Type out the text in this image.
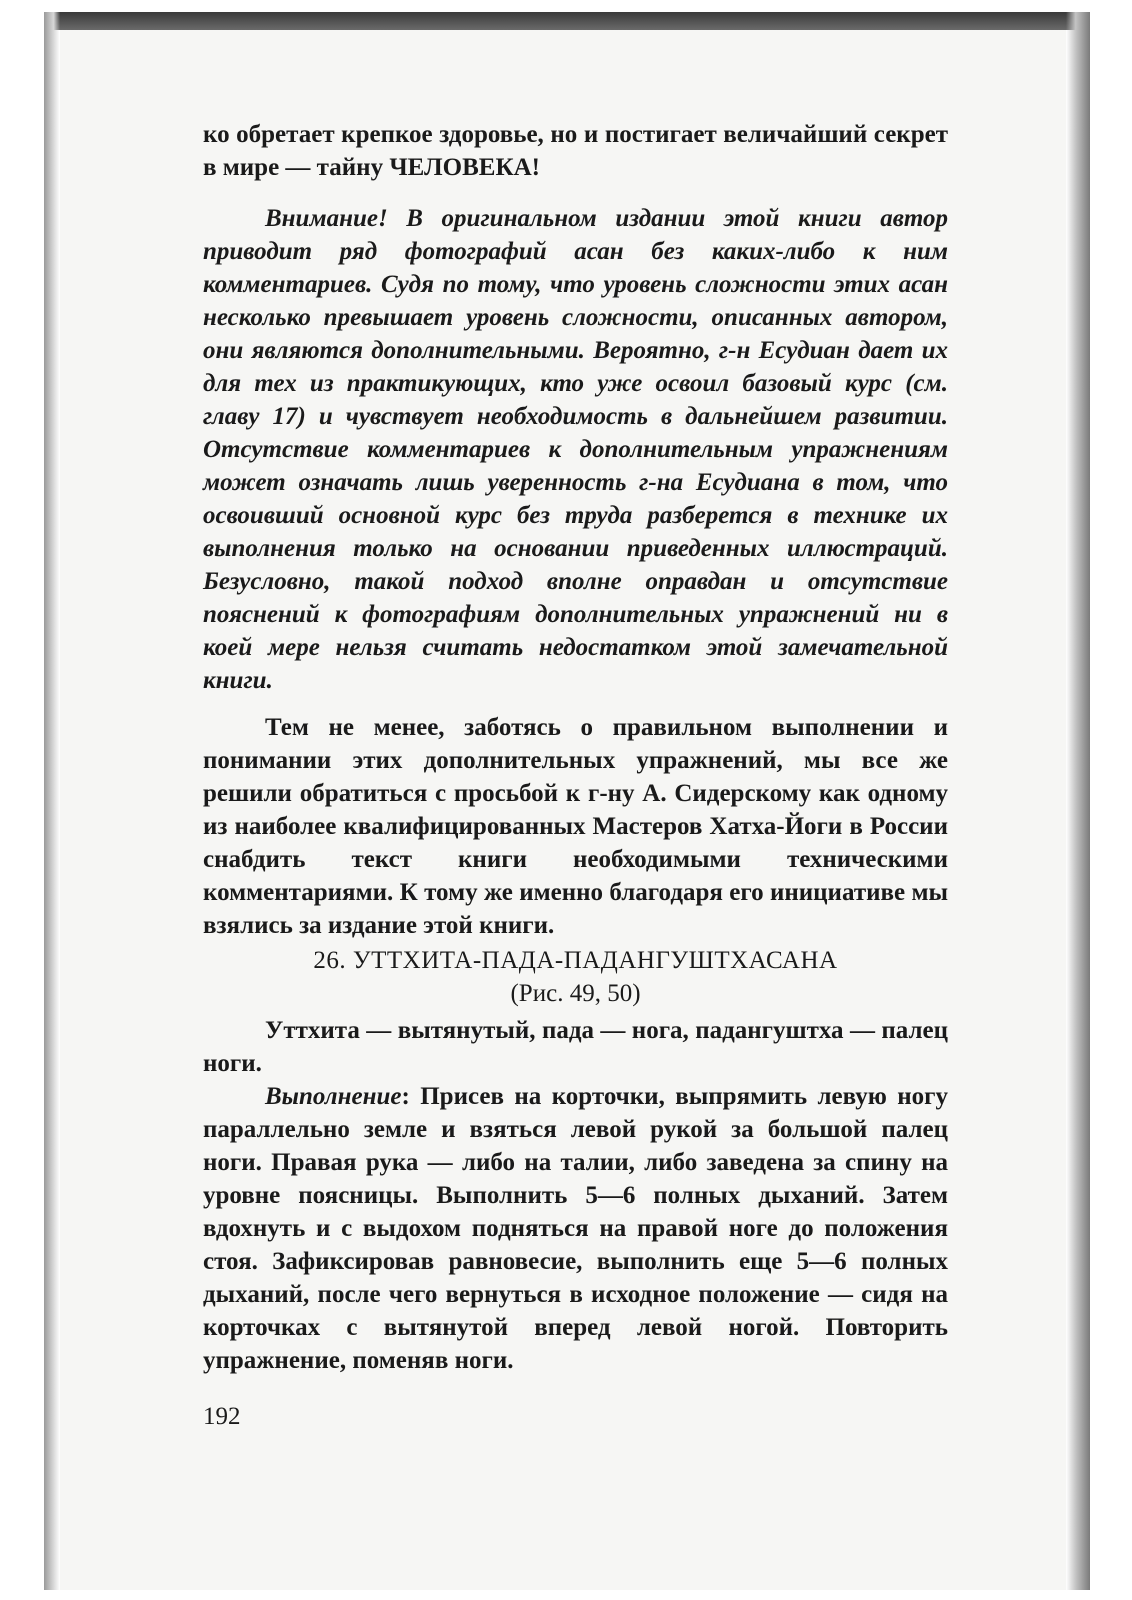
ко обретает крепкое здоровье, но и постигает величайший секрет в мире — тайну ЧЕЛОВЕКА!

Внимание! В оригинальном издании этой книги автор приводит ряд фотографий асан без каких-либо к ним комментариев. Судя по тому, что уровень сложности этих асан несколько превышает уровень сложности, описанных автором, они являются дополнительными. Вероятно, г-н Есудиан дает их для тех из практикующих, кто уже освоил базовый курс (см. главу 17) и чувствует необходимость в дальнейшем развитии. Отсутствие комментариев к дополнительным упражнениям может означать лишь уверенность г-на Есудиана в том, что освоивший основной курс без труда разберется в технике их выполнения только на основании приведенных иллюстраций. Безусловно, такой подход вполне оправдан и отсутствие пояснений к фотографиям дополнительных упражнений ни в коей мере нельзя считать недостатком этой замечательной книги.

Тем не менее, заботясь о правильном выполнении и понимании этих дополнительных упражнений, мы все же решили обратиться с просьбой к г-ну А. Сидерскому как одному из наиболее квалифицированных Мастеров Хатха-Йоги в России снабдить текст книги необходимыми техническими комментариями. К тому же именно благодаря его инициативе мы взялись за издание этой книги.

26. УТТХИТА-ПАДА-ПАДАНГУШТХАСАНА
(Рис. 49, 50)

Уттхита — вытянутый, пада — нога, падангуштха — палец ноги.

Выполнение: Присев на корточки, выпрямить левую ногу параллельно земле и взяться левой рукой за большой палец ноги. Правая рука — либо на талии, либо заведена за спину на уровне поясницы. Выполнить 5—6 полных дыханий. Затем вдохнуть и с выдохом подняться на правой ноге до положения стоя. Зафиксировав равновесие, выполнить еще 5—6 полных дыханий, после чего вернуться в исходное положение — сидя на корточках с вытянутой вперед левой ногой. Повторить упражнение, поменяв ноги.

192
